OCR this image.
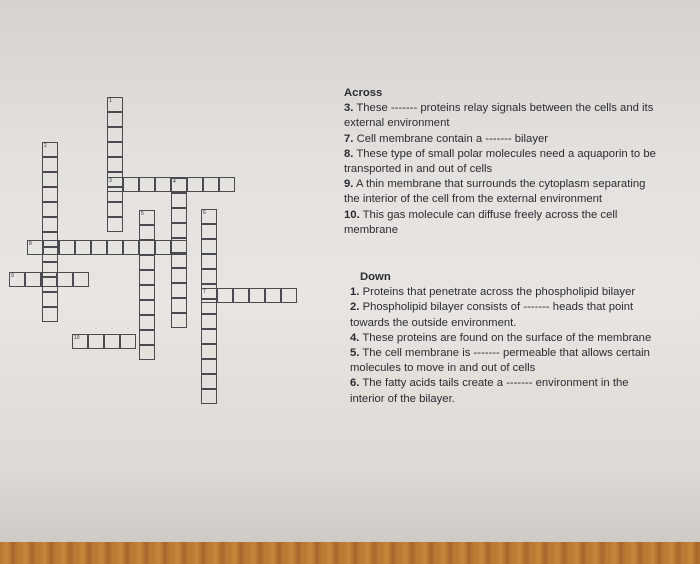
1
2
3	4
5	6
7
8
9
10
Across
3. These ------- proteins relay signals between the cells and its
external environment
7. Cell membrane contain a ------- bilayer
8. These type of small polar molecules need a aquaporin to be
transported in and out of cells
9. A thin membrane that surrounds the cytoplasm separating
the interior of the cell from the external environment
10. This gas molecule can diffuse freely across the cell
membrane
Down
1. Proteins that penetrate across the phospholipid bilayer
2. Phospholipid bilayer consists of ------- heads that point
towards the outside environment.
4. These proteins are found on the surface of the membrane
5. The cell membrane is ------- permeable that allows certain
molecules to move in and out of cells
6. The fatty acids tails create a ------- environment in the
interior of the bilayer.
